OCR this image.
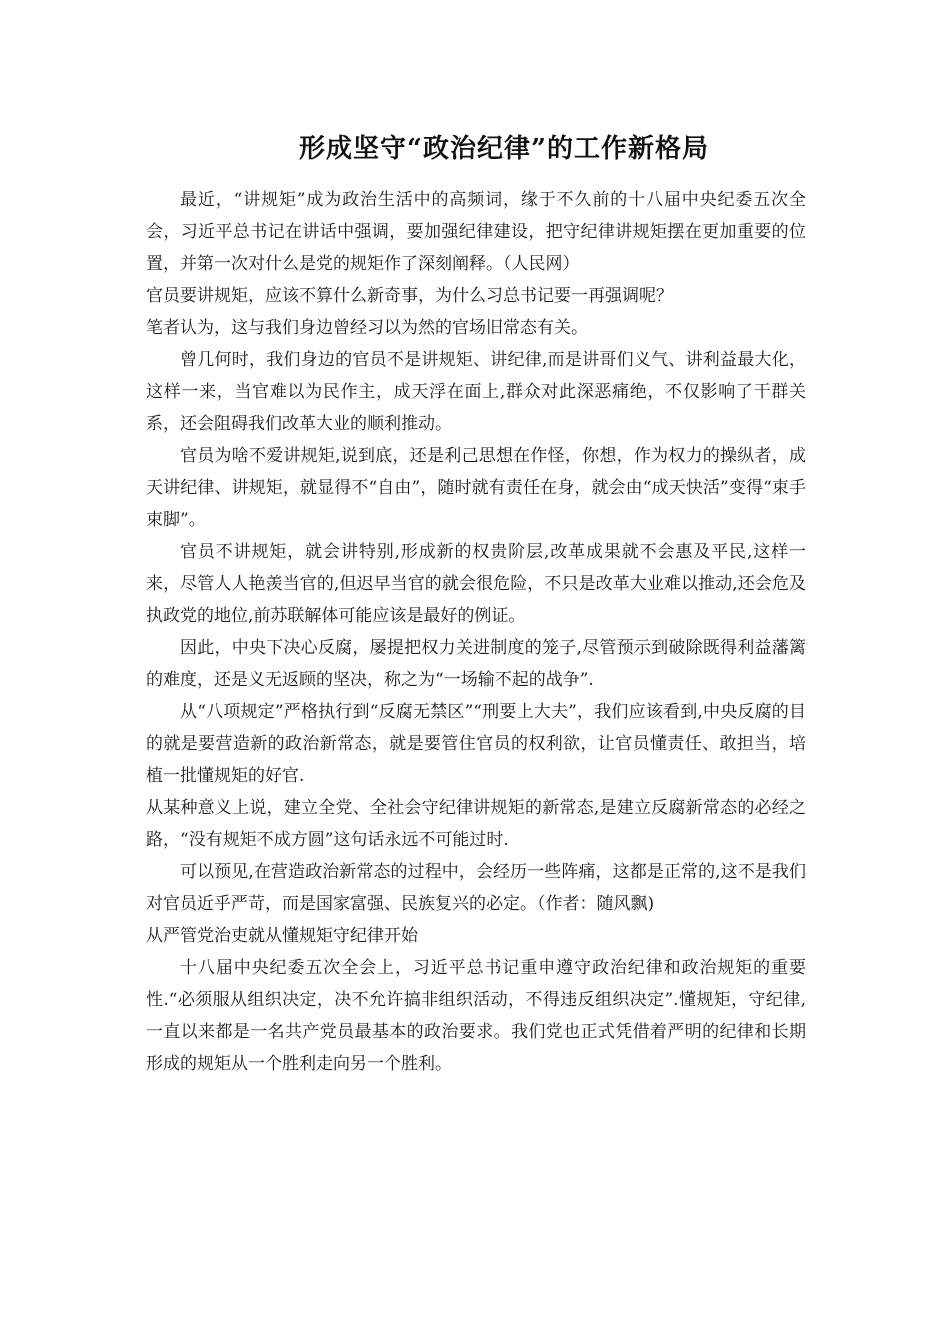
形成坚守“政治纪律”的工作新格局

最近，“讲规矩”成为政治生活中的高频词，缘于不久前的十八届中央纪委五次全会，习近平总书记在讲话中强调，要加强纪律建设，把守纪律讲规矩摆在更加重要的位置，并第一次对什么是党的规矩作了深刻阐释。（人民网）

官员要讲规矩，应该不算什么新奇事，为什么习总书记要一再强调呢？

笔者认为，这与我们身边曾经习以为然的官场旧常态有关。

曾几何时，我们身边的官员不是讲规矩、讲纪律,而是讲哥们义气、讲利益最大化，这样一来，当官难以为民作主，成天浮在面上,群众对此深恶痛绝，不仅影响了干群关系，还会阻碍我们改革大业的顺利推动。

官员为啥不爱讲规矩,说到底，还是利己思想在作怪，你想，作为权力的操纵者，成天讲纪律、讲规矩，就显得不“自由”，随时就有责任在身，就会由“成天快活”变得“束手束脚”。

官员不讲规矩，就会讲特别,形成新的权贵阶层,改革成果就不会惠及平民,这样一来，尽管人人艳羡当官的,但迟早当官的就会很危险，不只是改革大业难以推动,还会危及执政党的地位,前苏联解体可能应该是最好的例证。

因此，中央下决心反腐，屡提把权力关进制度的笼子,尽管预示到破除既得利益藩篱的难度，还是义无返顾的坚决，称之为“一场输不起的战争”.

从“八项规定”严格执行到“反腐无禁区”“刑要上大夫”，我们应该看到,中央反腐的目的就是要营造新的政治新常态，就是要管住官员的权利欲，让官员懂责任、敢担当，培植一批懂规矩的好官.

从某种意义上说，建立全党、全社会守纪律讲规矩的新常态,是建立反腐新常态的必经之路，“没有规矩不成方圆”这句话永远不可能过时.

可以预见,在营造政治新常态的过程中，会经历一些阵痛，这都是正常的,这不是我们对官员近乎严苛，而是国家富强、民族复兴的必定。（作者：随风飘)

从严管党治吏就从懂规矩守纪律开始

十八届中央纪委五次全会上，习近平总书记重申遵守政治纪律和政治规矩的重要性.“必须服从组织决定，决不允许搞非组织活动，不得违反组织决定”.懂规矩，守纪律,一直以来都是一名共产党员最基本的政治要求。我们党也正式凭借着严明的纪律和长期形成的规矩从一个胜利走向另一个胜利。
